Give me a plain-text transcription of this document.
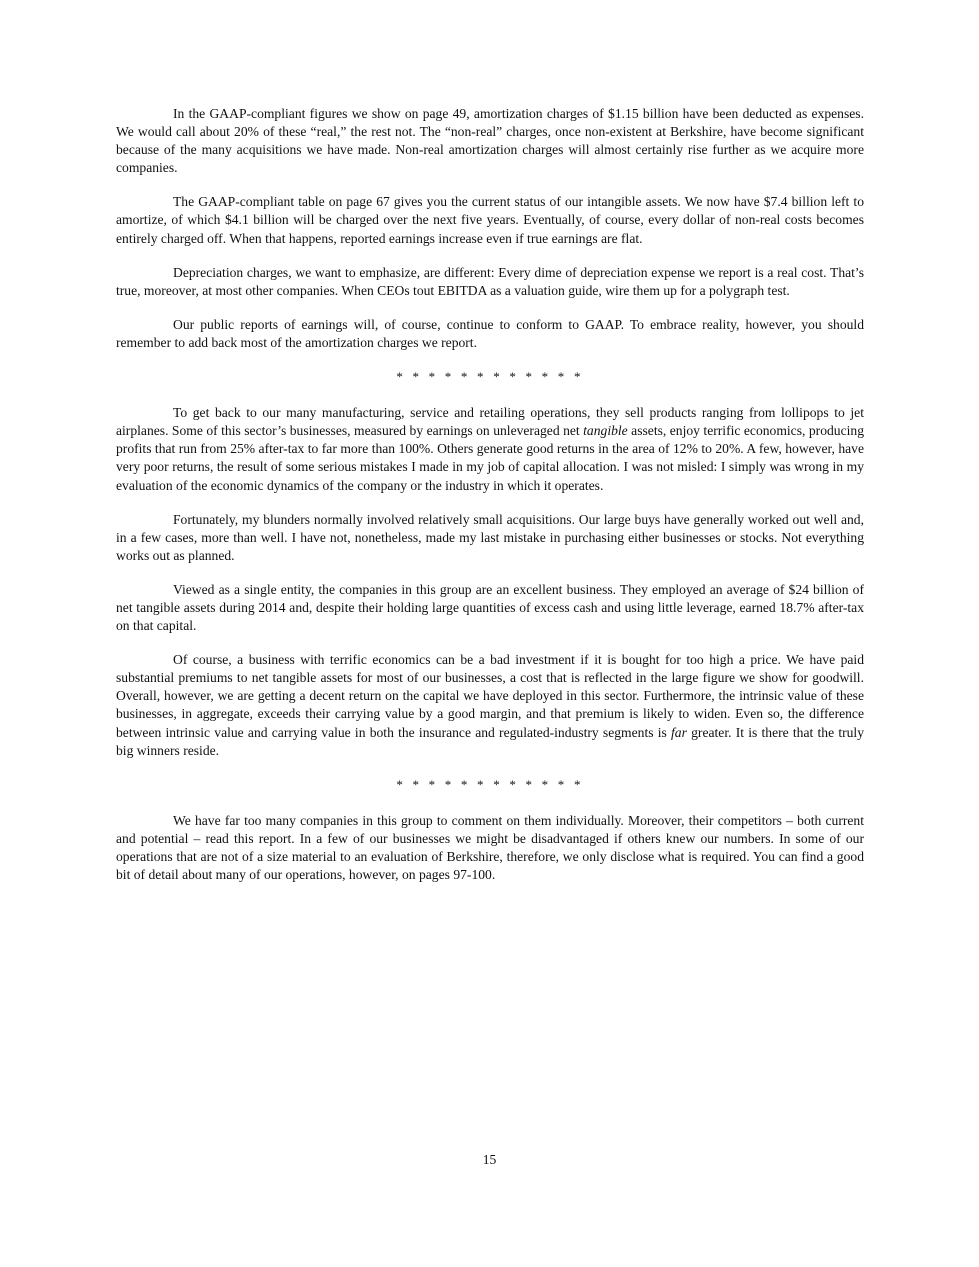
In the GAAP-compliant figures we show on page 49, amortization charges of $1.15 billion have been deducted as expenses. We would call about 20% of these “real,” the rest not. The “non-real” charges, once non-existent at Berkshire, have become significant because of the many acquisitions we have made. Non-real amortization charges will almost certainly rise further as we acquire more companies.

The GAAP-compliant table on page 67 gives you the current status of our intangible assets. We now have $7.4 billion left to amortize, of which $4.1 billion will be charged over the next five years. Eventually, of course, every dollar of non-real costs becomes entirely charged off. When that happens, reported earnings increase even if true earnings are flat.

Depreciation charges, we want to emphasize, are different: Every dime of depreciation expense we report is a real cost. That’s true, moreover, at most other companies. When CEOs tout EBITDA as a valuation guide, wire them up for a polygraph test.

Our public reports of earnings will, of course, continue to conform to GAAP. To embrace reality, however, you should remember to add back most of the amortization charges we report.

* * * * * * * * * * * *

To get back to our many manufacturing, service and retailing operations, they sell products ranging from lollipops to jet airplanes. Some of this sector’s businesses, measured by earnings on unleveraged net tangible assets, enjoy terrific economics, producing profits that run from 25% after-tax to far more than 100%. Others generate good returns in the area of 12% to 20%. A few, however, have very poor returns, the result of some serious mistakes I made in my job of capital allocation. I was not misled: I simply was wrong in my evaluation of the economic dynamics of the company or the industry in which it operates.

Fortunately, my blunders normally involved relatively small acquisitions. Our large buys have generally worked out well and, in a few cases, more than well. I have not, nonetheless, made my last mistake in purchasing either businesses or stocks. Not everything works out as planned.

Viewed as a single entity, the companies in this group are an excellent business. They employed an average of $24 billion of net tangible assets during 2014 and, despite their holding large quantities of excess cash and using little leverage, earned 18.7% after-tax on that capital.

Of course, a business with terrific economics can be a bad investment if it is bought for too high a price. We have paid substantial premiums to net tangible assets for most of our businesses, a cost that is reflected in the large figure we show for goodwill. Overall, however, we are getting a decent return on the capital we have deployed in this sector. Furthermore, the intrinsic value of these businesses, in aggregate, exceeds their carrying value by a good margin, and that premium is likely to widen. Even so, the difference between intrinsic value and carrying value in both the insurance and regulated-industry segments is far greater. It is there that the truly big winners reside.

* * * * * * * * * * * *

We have far too many companies in this group to comment on them individually. Moreover, their competitors – both current and potential – read this report. In a few of our businesses we might be disadvantaged if others knew our numbers. In some of our operations that are not of a size material to an evaluation of Berkshire, therefore, we only disclose what is required. You can find a good bit of detail about many of our operations, however, on pages 97-100.

15
